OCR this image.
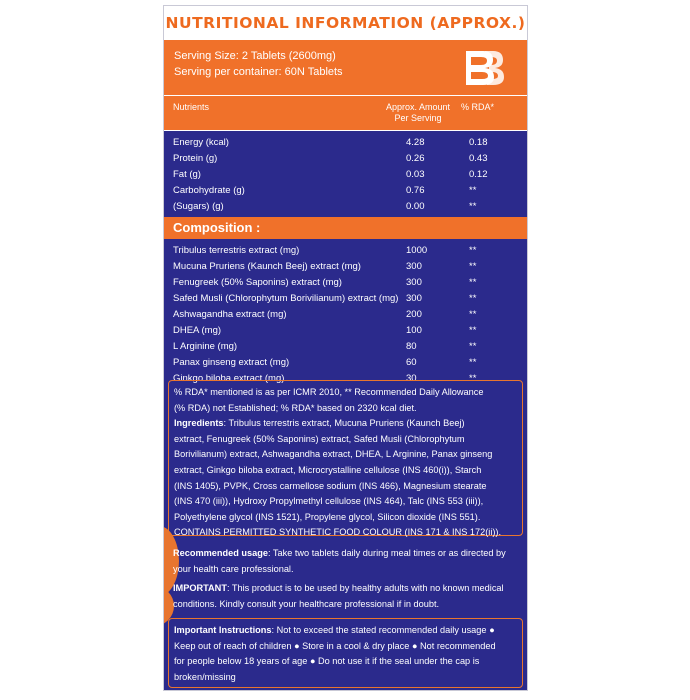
NUTRITIONAL INFORMATION (APPROX.)
Serving Size: 2 Tablets (2600mg)
Serving per container: 60N Tablets
Nutrients	Approx. Amount
Per Serving
% RDA*
Energy (kcal)	4.28	0.18
Protein (g)	0.26	0.43
Fat (g)	0.03	0.12
Carbohydrate (g)	0.76	**
(Sugars) (g)	0.00	**
Composition :
Tribulus terrestris extract (mg)	1000	**
Mucuna Pruriens (Kaunch Beej) extract (mg)	300	**
Fenugreek (50% Saponins) extract (mg)	300	**
Safed Musli (Chlorophytum Borivilianum) extract (mg) 300	**
Ashwagandha extract (mg)	200	**
DHEA (mg)	100	**
L Arginine (mg)	80	**
Panax ginseng extract (mg)	60	**
Ginkgo biloba extract (mg)	30	**
% RDA* mentioned is as per ICMR 2010, ** Recommended Daily Allowance
(% RDA) not Established; % RDA* based on 2320 kcal diet.
Ingredients: Tribulus terrestris extract, Mucuna Pruriens (Kaunch Beej)
extract, Fenugreek (50% Saponins) extract, Safed Musli (Chlorophytum
Borivilianum) extract, Ashwagandha extract, DHEA, L Arginine, Panax ginseng
extract, Ginkgo biloba extract, Microcrystalline cellulose (INS 460(i)), Starch
(INS 1405), PVPK, Cross carmellose sodium (INS 466), Magnesium stearate
(INS 470 (iii)), Hydroxy Propylmethyl cellulose (INS 464), Talc (INS 553 (iii)),
Polyethylene glycol (INS 1521), Propylene glycol, Silicon dioxide (INS 551).
CONTAINS PERMITTED SYNTHETIC FOOD COLOUR (INS 171 & INS 172(ii)).
Recommended usage: Take two tablets daily during meal times or as directed by
your health care professional.
IMPORTANT: This product is to be used by healthy adults with no known medical
conditions. Kindly consult your healthcare professional if in doubt.
Important Instructions: Not to exceed the stated recommended daily usage ●
Keep out of reach of children ● Store in a cool & dry place ● Not recommended
for people below 18 years of age ● Do not use it if the seal under the cap is
broken/missing
